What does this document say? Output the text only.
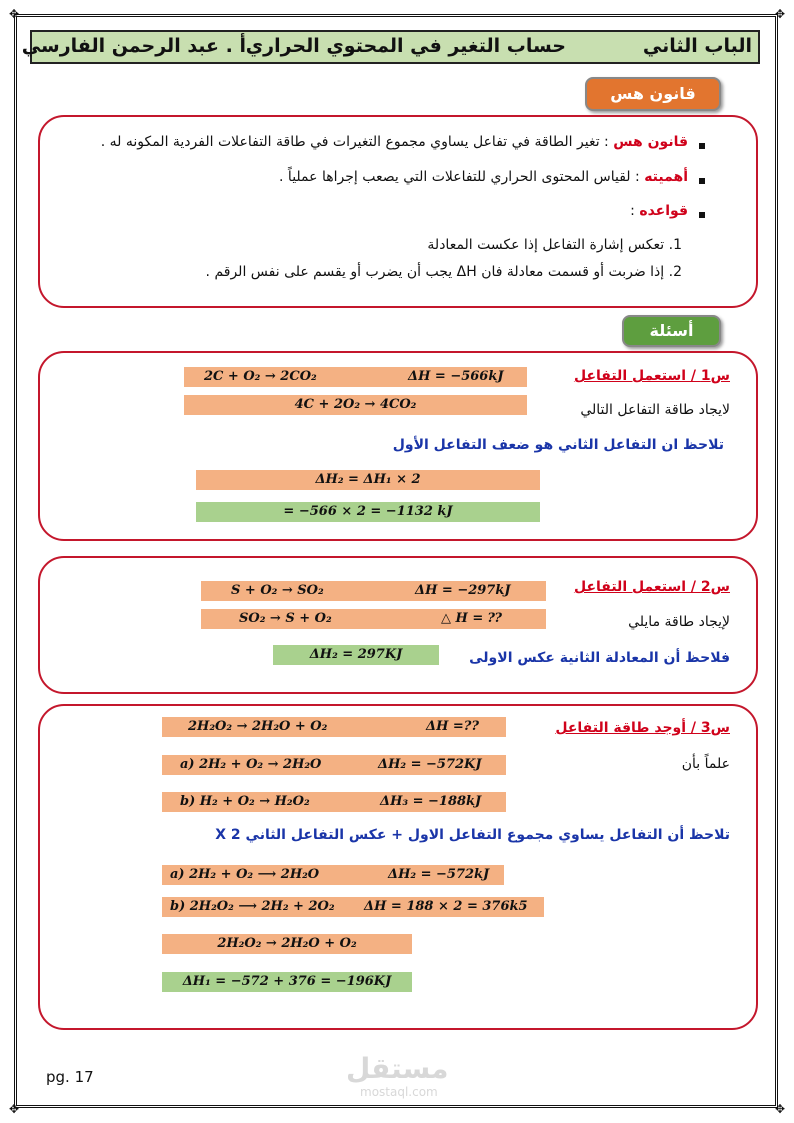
✥	✥
✥	✥
الباب الثاني
حساب التغير في المحتوي الحراري
أ . عبد الرحمن الفارسي
قانون هس
قانون هس : تغير الطاقة في تفاعل يساوي مجموع التغيرات في طاقة التفاعلات الفردية المكونه له .
أهميته : لقياس المحتوى الحراري للتفاعلات التي يصعب إجراها عملياً .
قواعده :
1. تعكس إشارة التفاعل إذا عكست المعادلة
2. إذا ضربت أو قسمت معادلة فان ΔH يجب أن يضرب أو يقسم على نفس الرقم .
أسئلة
س1 / استعمل التفاعل
لايجاد طاقة التفاعل التالي
2C + O₂ → 2CO₂	ΔH = −566kJ
4C + 2O₂ → 4CO₂
تلاحظ ان التفاعل الثاني هو ضعف التفاعل الأول
ΔH₂ = ΔH₁ × 2
= −566 × 2 = −1132 kJ
س2 / استعمل التفاعل
لإيجاد طاقة مايلي
S + O₂ → SO₂	ΔH = −297kJ
SO₂ → S + O₂	△ H = ⁇
ΔH₂ = 297KJ	فلاحظ أن المعادلة الثانية عكس الاولى
س3 / أوجد طاقة التفاعل
2H₂O₂ → 2H₂O + O₂	ΔH =??
علماً بأن
a) 2H₂ + O₂ → 2H₂O	ΔH₂ = −572KJ
b) H₂ + O₂ → H₂O₂	ΔH₃ = −188kJ
تلاحظ أن التفاعل يساوي مجموع التفاعل الاول + عكس التفاعل الثاني X 2
a) 2H₂ + O₂ ⟶ 2H₂O	ΔH₂ = −572kJ
b) 2H₂O₂ ⟶ 2H₂ + 2O₂ ΔH = 188 × 2 = 376k5
2H₂O₂ → 2H₂O + O₂
ΔH₁ = −572 + 376 = −196KJ
pg. 17	مستقل
mostaql.com
